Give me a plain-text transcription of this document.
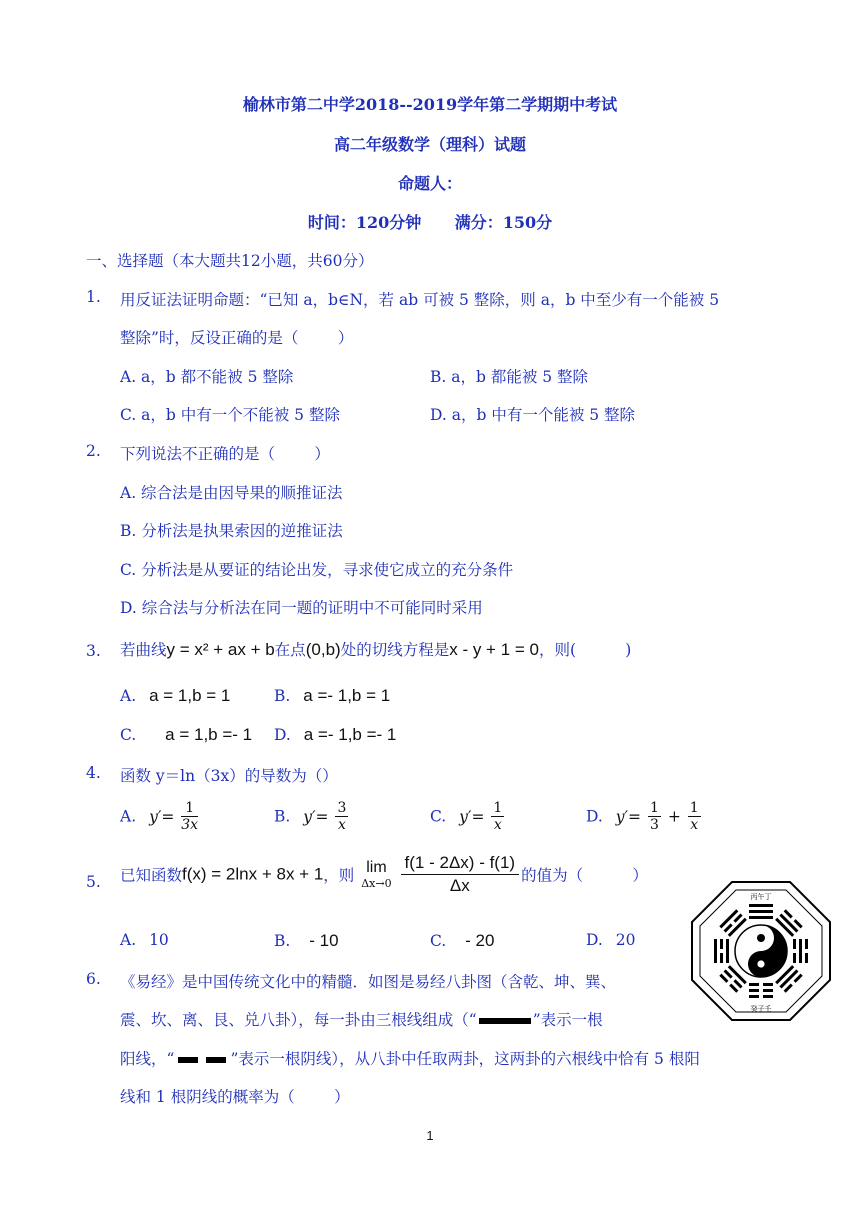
榆林市第二中学2018--2019学年第二学期期中考试
高二年级数学（理科）试题
命题人：
时间：120分钟      满分：150分
一、选择题（本大题共12小题，共60分）
1. 用反证法证明命题：“已知 a，b∈N，若 ab 可被 5 整除，则 a，b 中至少有一个能被 5
整除”时，反设正确的是（        ）
A. a，b 都不能被 5 整除	B. a，b 都能被 5 整除
C. a，b 中有一个不能被 5 整除	D. a，b 中有一个能被 5 整除
2. 下列说法不正确的是（        ）
A. 综合法是由因导果的顺推证法
B. 分析法是执果索因的逆推证法
C. 分析法是从要证的结论出发，寻求使它成立的充分条件
D. 综合法与分析法在同一题的证明中不可能同时采用
3. 若曲线y = x² + ax + b在点(0,b)处的切线方程是x - y + 1 = 0，则(          )
A. a = 1,b = 1	B. a =- 1,b = 1
C. a = 1,b =- 1 D. a =- 1,b =- 1
4. 函数 y＝ln（3x）的导数为（）
A. $y'= \frac{1}{3x}$	B. $y'= \frac{3}{x}$	C. $y'= \frac{1}{x}$	D. $y'= \frac{1}{3} + \frac{1}{x}$
5. 已知函数f(x) = 2lnx + 8x + 1，则 lim
Δx→0
$\frac{f(1 - 2\Delta x) - f(1)}{\Delta x}$ 的值为（          ）
A. 10	B. - 10	C. - 20	D. 20
6. 《易经》是中国传统文化中的精髓．如图是易经八卦图（含乾、坤、巽、
震、坎、离、艮、兑八卦），每一卦由三根线组成（“	”表示一根
阳线，“	”表示一根阴线），从八卦中任取两卦，这两卦的六根线中恰有 5 根阳
线和 1 根阴线的概率为（        ）
丙午丁
癸子壬
1
